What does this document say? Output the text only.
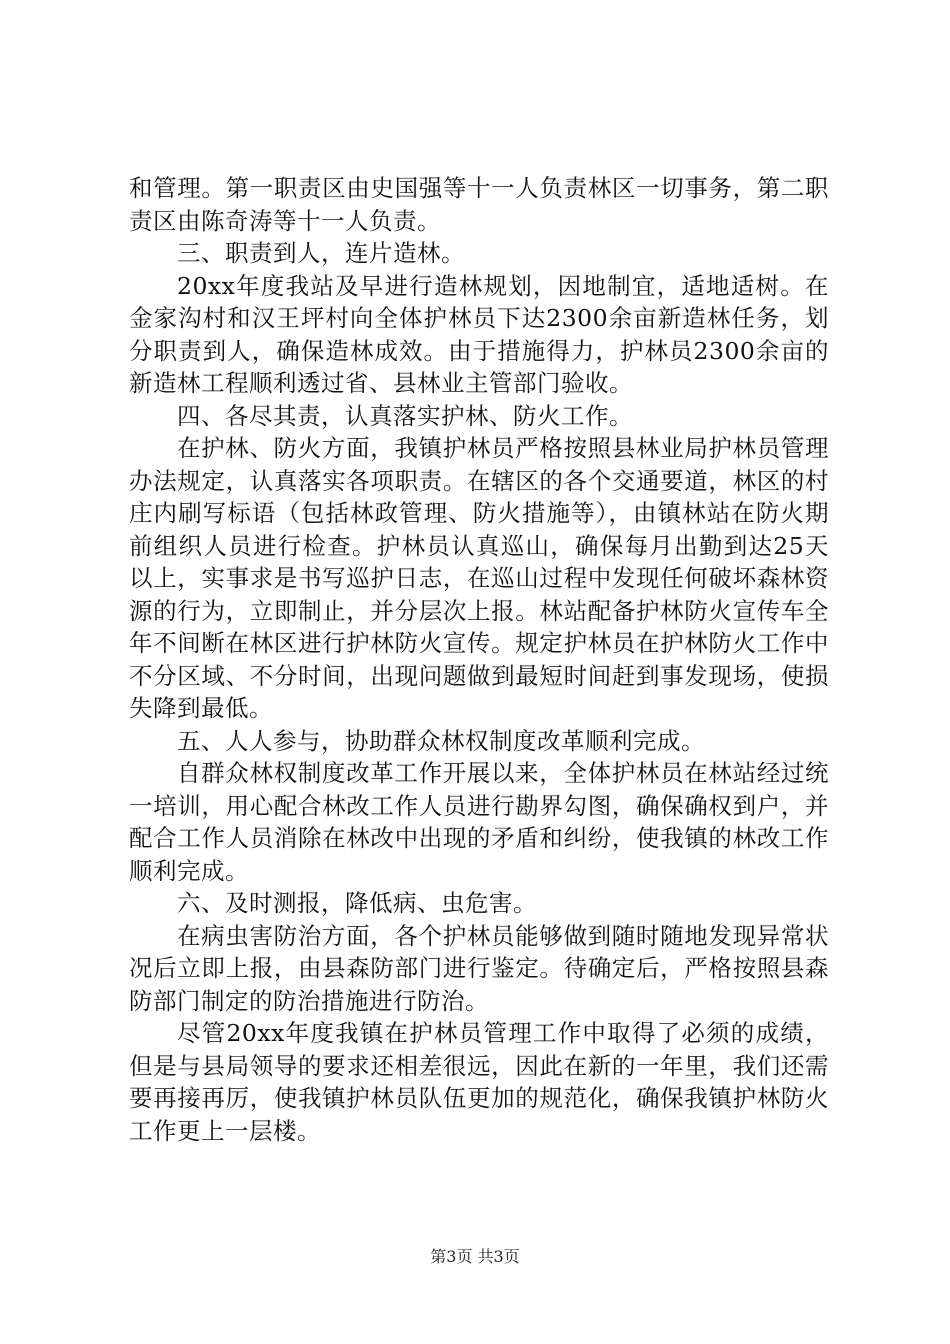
和管理。第一职责区由史国强等十一人负责林区一切事务，第二职责区由陈奇涛等十一人负责。

三、职责到人，连片造林。

20xx年度我站及早进行造林规划，因地制宜，适地适树。在金家沟村和汉王坪村向全体护林员下达2300余亩新造林任务，划分职责到人，确保造林成效。由于措施得力，护林员2300余亩的新造林工程顺利透过省、县林业主管部门验收。

四、各尽其责，认真落实护林、防火工作。

在护林、防火方面，我镇护林员严格按照县林业局护林员管理办法规定，认真落实各项职责。在辖区的各个交通要道，林区的村庄内刷写标语（包括林政管理、防火措施等），由镇林站在防火期前组织人员进行检查。护林员认真巡山，确保每月出勤到达25天以上，实事求是书写巡护日志，在巡山过程中发现任何破坏森林资源的行为，立即制止，并分层次上报。林站配备护林防火宣传车全年不间断在林区进行护林防火宣传。规定护林员在护林防火工作中不分区域、不分时间，出现问题做到最短时间赶到事发现场，使损失降到最低。

五、人人参与，协助群众林权制度改革顺利完成。

自群众林权制度改革工作开展以来，全体护林员在林站经过统一培训，用心配合林改工作人员进行勘界勾图，确保确权到户，并配合工作人员消除在林改中出现的矛盾和纠纷，使我镇的林改工作顺利完成。

六、及时测报，降低病、虫危害。

在病虫害防治方面，各个护林员能够做到随时随地发现异常状况后立即上报，由县森防部门进行鉴定。待确定后，严格按照县森防部门制定的防治措施进行防治。

尽管20xx年度我镇在护林员管理工作中取得了必须的成绩，但是与县局领导的要求还相差很远，因此在新的一年里，我们还需要再接再厉，使我镇护林员队伍更加的规范化，确保我镇护林防火工作更上一层楼。

第3页 共3页
